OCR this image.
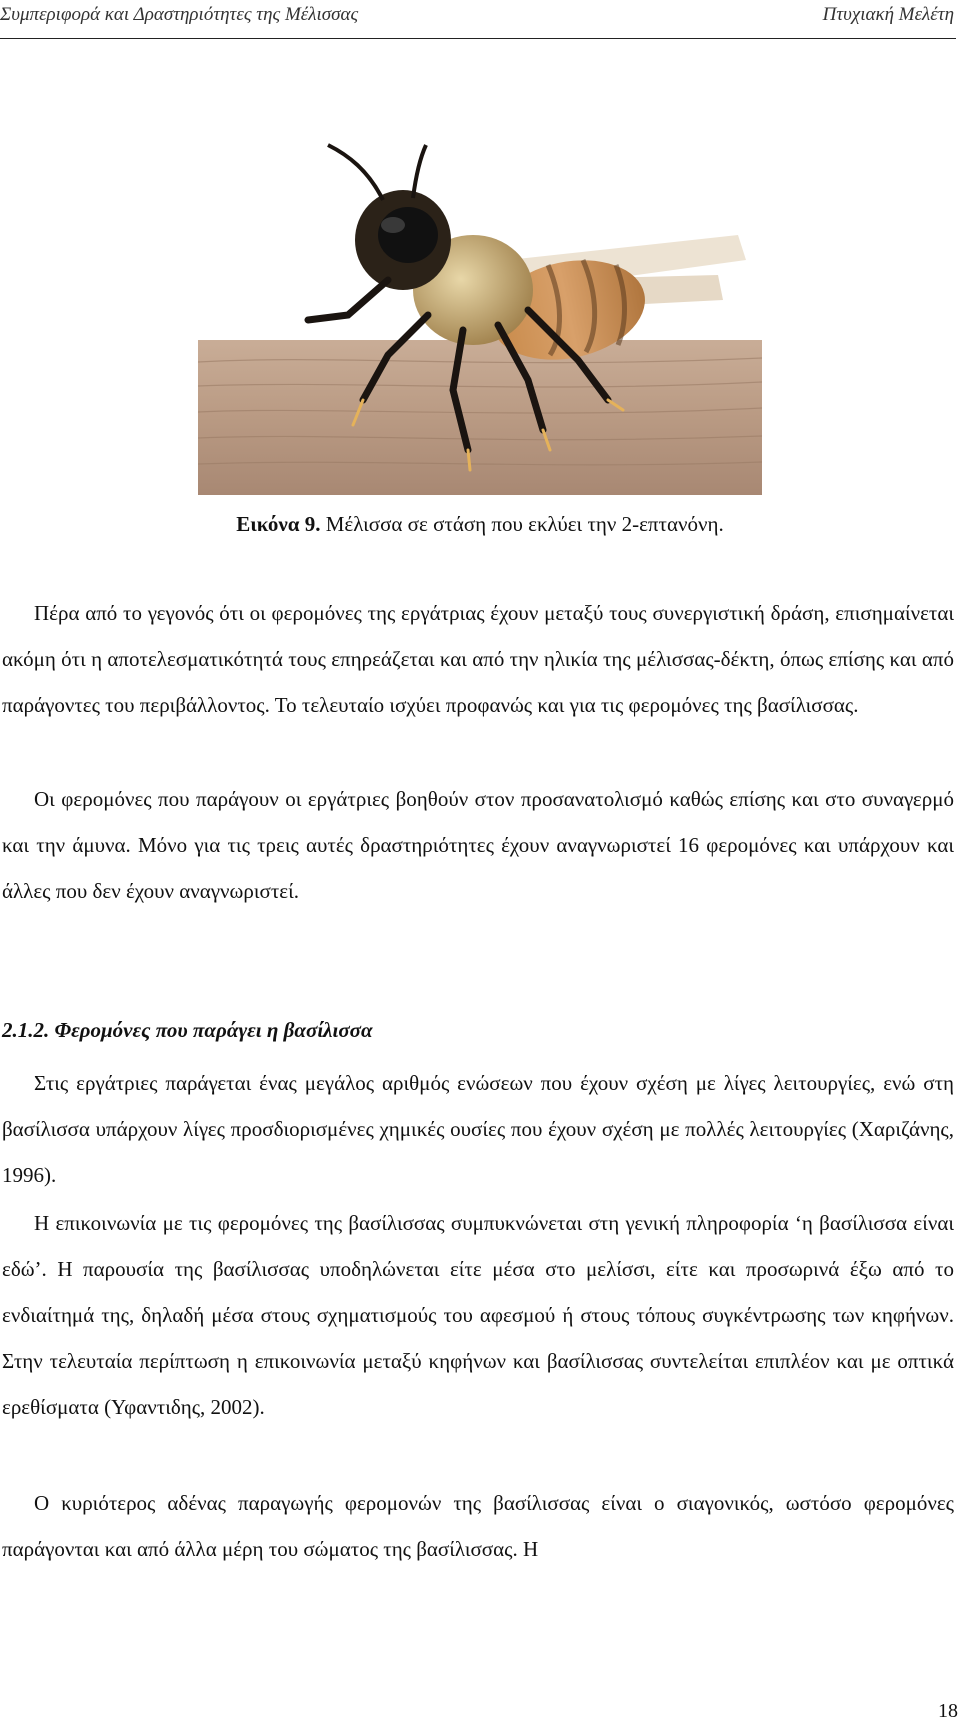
Συμπεριφορά και Δραστηριότητες της Μέλισσας	Πτυχιακή Μελέτη
Εικόνα 9. Μέλισσα σε στάση που εκλύει την 2-επτανόνη.

Πέρα από το γεγονός ότι οι φερομόνες της εργάτριας έχουν μεταξύ τους συνεργιστική δράση, επισημαίνεται ακόμη ότι η αποτελεσματικότητά τους επηρεάζεται και από την ηλικία της μέλισσας-δέκτη, όπως επίσης και από παράγοντες του περιβάλλοντος. Το τελευταίο ισχύει προφανώς και για τις φερομόνες της βασίλισσας.

Οι φερομόνες που παράγουν οι εργάτριες βοηθούν στον προσανατολισμό καθώς επίσης και στο συναγερμό και την άμυνα. Μόνο για τις τρεις αυτές δραστηριότητες έχουν αναγνωριστεί 16 φερομόνες και υπάρχουν και άλλες που δεν έχουν αναγνωριστεί.

2.1.2. Φερομόνες που παράγει η βασίλισσα

Στις εργάτριες παράγεται ένας μεγάλος αριθμός ενώσεων που έχουν σχέση με λίγες λειτουργίες, ενώ στη βασίλισσα υπάρχουν λίγες προσδιορισμένες χημικές ουσίες που έχουν σχέση με πολλές λειτουργίες (Χαριζάνης, 1996).

Η επικοινωνία με τις φερομόνες της βασίλισσας συμπυκνώνεται στη γενική πληροφορία ‘η βασίλισσα είναι εδώ’. Η παρουσία της βασίλισσας υποδηλώνεται είτε μέσα στο μελίσσι, είτε και προσωρινά έξω από το ενδιαίτημά της, δηλαδή μέσα στους σχηματισμούς του αφεσμού ή στους τόπους συγκέντρωσης των κηφήνων. Στην τελευταία περίπτωση η επικοινωνία μεταξύ κηφήνων και βασίλισσας συντελείται επιπλέον και με οπτικά ερεθίσματα (Υφαντιδης, 2002).

Ο κυριότερος αδένας παραγωγής φερομονών της βασίλισσας είναι ο σιαγονικός, ωστόσο φερομόνες παράγονται και από άλλα μέρη του σώματος της βασίλισσας. Η

18
